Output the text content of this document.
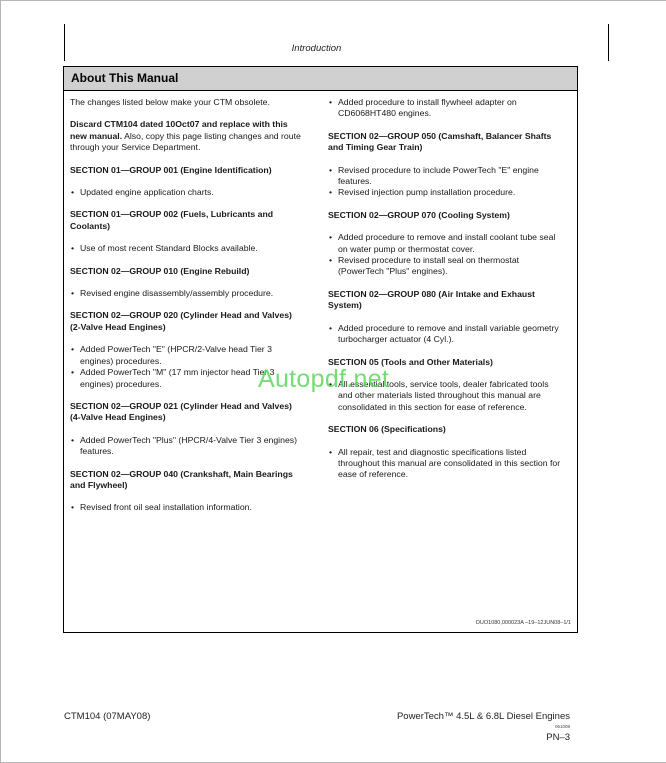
Introduction
About This Manual

The changes listed below make your CTM obsolete.

Discard CTM104 dated 10Oct07 and replace with this new manual. Also, copy this page listing changes and route through your Service Department.

SECTION 01—GROUP 001 (Engine Identification)
• Updated engine application charts.
SECTION 01—GROUP 002 (Fuels, Lubricants and Coolants)
• Use of most recent Standard Blocks available.
SECTION 02—GROUP 010 (Engine Rebuild)
• Revised engine disassembly/assembly procedure.
SECTION 02—GROUP 020 (Cylinder Head and Valves) (2-Valve Head Engines)
• Added PowerTech "E" (HPCR/2-Valve head Tier 3 engines) procedures.
• Added PowerTech "M" (17 mm injector head Tier 3 engines) procedures.
SECTION 02—GROUP 021 (Cylinder Head and Valves) (4-Valve Head Engines)
• Added PowerTech "Plus" (HPCR/4-Valve Tier 3 engines) features.
SECTION 02—GROUP 040 (Crankshaft, Main Bearings and Flywheel)
• Revised front oil seal installation information.
• Added procedure to install flywheel adapter on CD6068HT480 engines.
SECTION 02—GROUP 050 (Camshaft, Balancer Shafts and Timing Gear Train)
• Revised procedure to include PowerTech "E" engine features.
• Revised injection pump installation procedure.
SECTION 02—GROUP 070 (Cooling System)
• Added procedure to remove and install coolant tube seal on water pump or thermostat cover.
• Revised procedure to install seal on thermostat (PowerTech "Plus" engines).
SECTION 02—GROUP 080 (Air Intake and Exhaust System)
• Added procedure to remove and install variable geometry turbocharger actuator (4 Cyl.).
SECTION 05 (Tools and Other Materials)
• All essential tools, service tools, dealer fabricated tools and other materials listed throughout this manual are consolidated in this section for ease of reference.
SECTION 06 (Specifications)
• All repair, test and diagnostic specifications listed throughout this manual are consolidated in this section for ease of reference.
OUO1080,000023A –19–12JUN08–1/1
Autopdf.net
CTM104 (07MAY08)	PowerTech™ 4.5L & 6.8L Diesel Engines
061008
PN–3
